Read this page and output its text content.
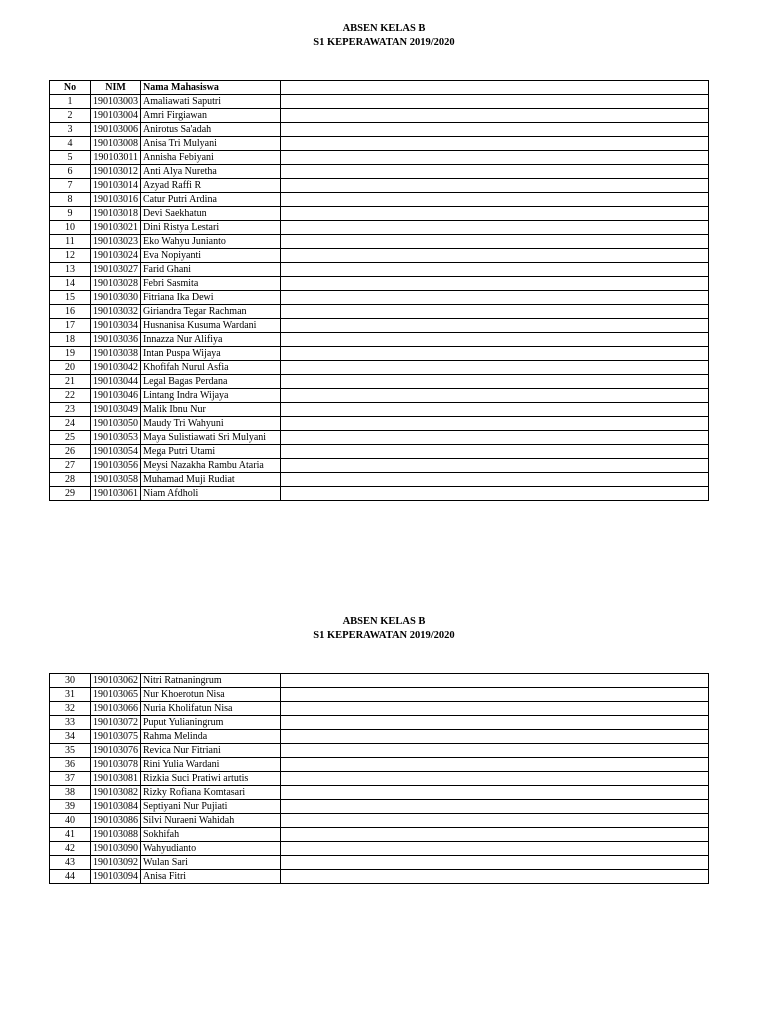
ABSEN KELAS B
S1 KEPERAWATAN 2019/2020
No	NIM	Nama Mahasiswa	
1	190103003	Amaliawati Saputri	
2	190103004	Amri Firgiawan	
3	190103006	Anirotus Sa'adah	
4	190103008	Anisa Tri Mulyani	
5	190103011	Annisha Febiyani	
6	190103012	Anti Alya Nuretha	
7	190103014	Azyad Raffi R	
8	190103016	Catur Putri Ardina	
9	190103018	Devi Saekhatun	
10	190103021	Dini Ristya Lestari	
11	190103023	Eko Wahyu Junianto	
12	190103024	Eva Nopiyanti	
13	190103027	Farid Ghani	
14	190103028	Febri Sasmita	
15	190103030	Fitriana Ika Dewi	
16	190103032	Giriandra Tegar Rachman	
17	190103034	Husnanisa Kusuma Wardani	
18	190103036	Innazza Nur Alifiya	
19	190103038	Intan Puspa Wijaya	
20	190103042	Khofifah Nurul Asfia	
21	190103044	Legal Bagas Perdana	
22	190103046	Lintang Indra Wijaya	
23	190103049	Malik Ibnu Nur	
24	190103050	Maudy Tri Wahyuni	
25	190103053	Maya Sulistiawati Sri Mulyani	
26	190103054	Mega Putri Utami	
27	190103056	Meysi Nazakha Rambu Ataria	
28	190103058	Muhamad Muji Rudiat	
29	190103061	Niam Afdholi	
ABSEN KELAS B
S1 KEPERAWATAN 2019/2020
30	190103062	Nitri Ratnaningrum	
31	190103065	Nur Khoerotun Nisa	
32	190103066	Nuria Kholifatun Nisa	
33	190103072	Puput Yulianingrum	
34	190103075	Rahma Melinda	
35	190103076	Revica Nur Fitriani	
36	190103078	Rini Yulia Wardani	
37	190103081	Rizkia Suci Pratiwi artutis	
38	190103082	Rizky Rofiana Komtasari	
39	190103084	Septiyani Nur Pujiati	
40	190103086	Silvi Nuraeni Wahidah	
41	190103088	Sokhifah	
42	190103090	Wahyudianto	
43	190103092	Wulan Sari	
44	190103094	Anisa Fitri	
